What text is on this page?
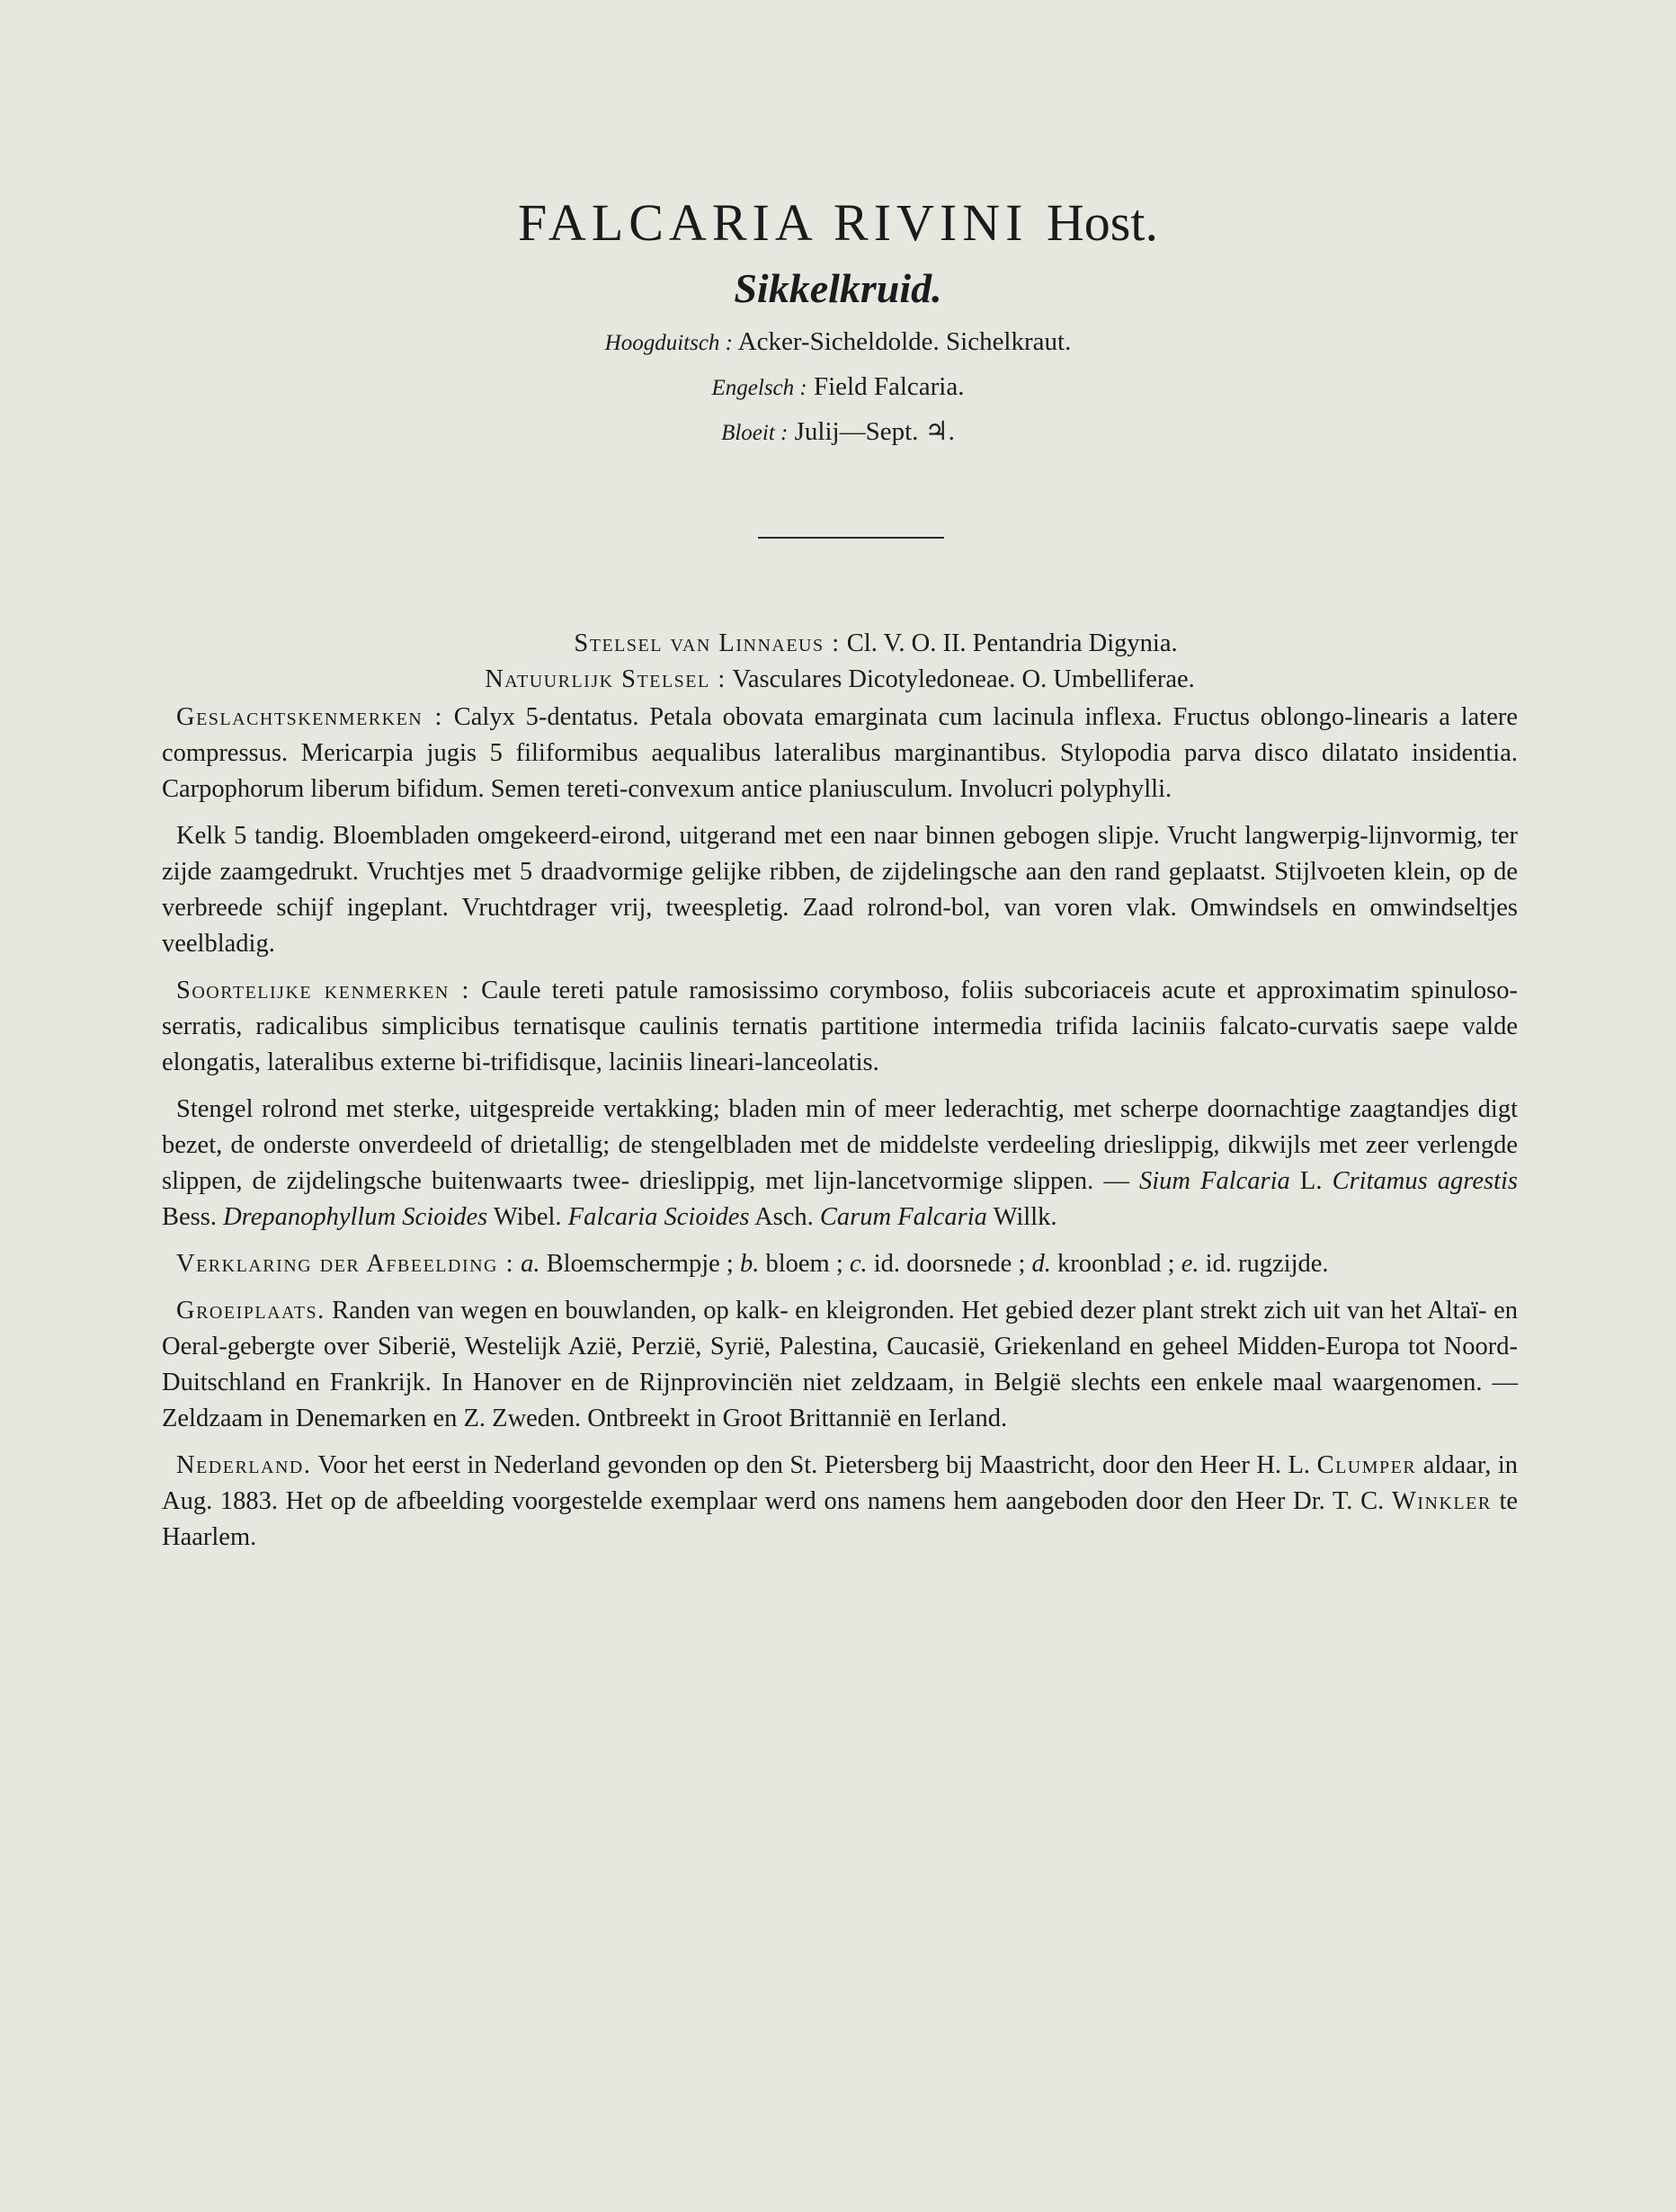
FALCARIA RIVINI Host.
Sikkelkruid.
Hoogduitsch : Acker-Sicheldolde. Sichelkraut.
Engelsch : Field Falcaria.
Bloeit : Julij—Sept. ♃.

Stelsel van Linnaeus : Cl. V. O. II. Pentandria Digynia.

Natuurlijk Stelsel : Vasculares Dicotyledoneae. O. Umbelliferae.

Geslachtskenmerken : Calyx 5-dentatus. Petala obovata emarginata cum lacinula inflexa. Fructus oblongo-linearis a latere compressus. Mericarpia jugis 5 filiformibus aequalibus lateralibus marginantibus. Stylopodia parva disco dilatato insidentia. Carpophorum liberum bifidum. Semen tereti-convexum antice planiusculum. Involucri polyphylli.

Kelk 5 tandig. Bloembladen omgekeerd-eirond, uitgerand met een naar binnen gebogen slipje. Vrucht langwerpig-lijnvormig, ter zijde zaamgedrukt. Vruchtjes met 5 draadvormige gelijke ribben, de zijdelingsche aan den rand geplaatst. Stijlvoeten klein, op de verbreede schijf ingeplant. Vruchtdrager vrij, tweespletig. Zaad rolrond-bol, van voren vlak. Omwindsels en omwindseltjes veelbladig.

Soortelijke kenmerken : Caule tereti patule ramosissimo corymboso, foliis subcoriaceis acute et approximatim spinuloso-serratis, radicalibus simplicibus ternatisque caulinis ternatis partitione intermedia trifida laciniis falcato-curvatis saepe valde elongatis, lateralibus externe bi-trifidisque, laciniis lineari-lanceolatis.

Stengel rolrond met sterke, uitgespreide vertakking; bladen min of meer lederachtig, met scherpe doornachtige zaagtandjes digt bezet, de onderste onverdeeld of drietallig; de stengelbladen met de middelste verdeeling drieslippig, dikwijls met zeer verlengde slippen, de zijdelingsche buitenwaarts twee- drieslippig, met lijn-lancetvormige slippen. — Sium Falcaria L. Critamus agrestis Bess. Drepanophyllum Scioides Wibel. Falcaria Scioides Asch. Carum Falcaria Willk.

Verklaring der Afbeelding : a. Bloemschermpje ; b. bloem ; c. id. doorsnede ; d. kroonblad ; e. id. rugzijde.

Groeiplaats. Randen van wegen en bouwlanden, op kalk- en kleigronden. Het gebied dezer plant strekt zich uit van het Altaï- en Oeral-gebergte over Siberië, Westelijk Azië, Perzië, Syrië, Palestina, Caucasië, Griekenland en geheel Midden-Europa tot Noord-Duitschland en Frankrijk. In Hanover en de Rijnprovinciën niet zeldzaam, in België slechts een enkele maal waargenomen. — Zeldzaam in Denemarken en Z. Zweden. Ontbreekt in Groot Brittannië en Ierland.

Nederland. Voor het eerst in Nederland gevonden op den St. Pietersberg bij Maastricht, door den Heer H. L. Clumper aldaar, in Aug. 1883. Het op de afbeelding voorgestelde exemplaar werd ons namens hem aangeboden door den Heer Dr. T. C. Winkler te Haarlem.
